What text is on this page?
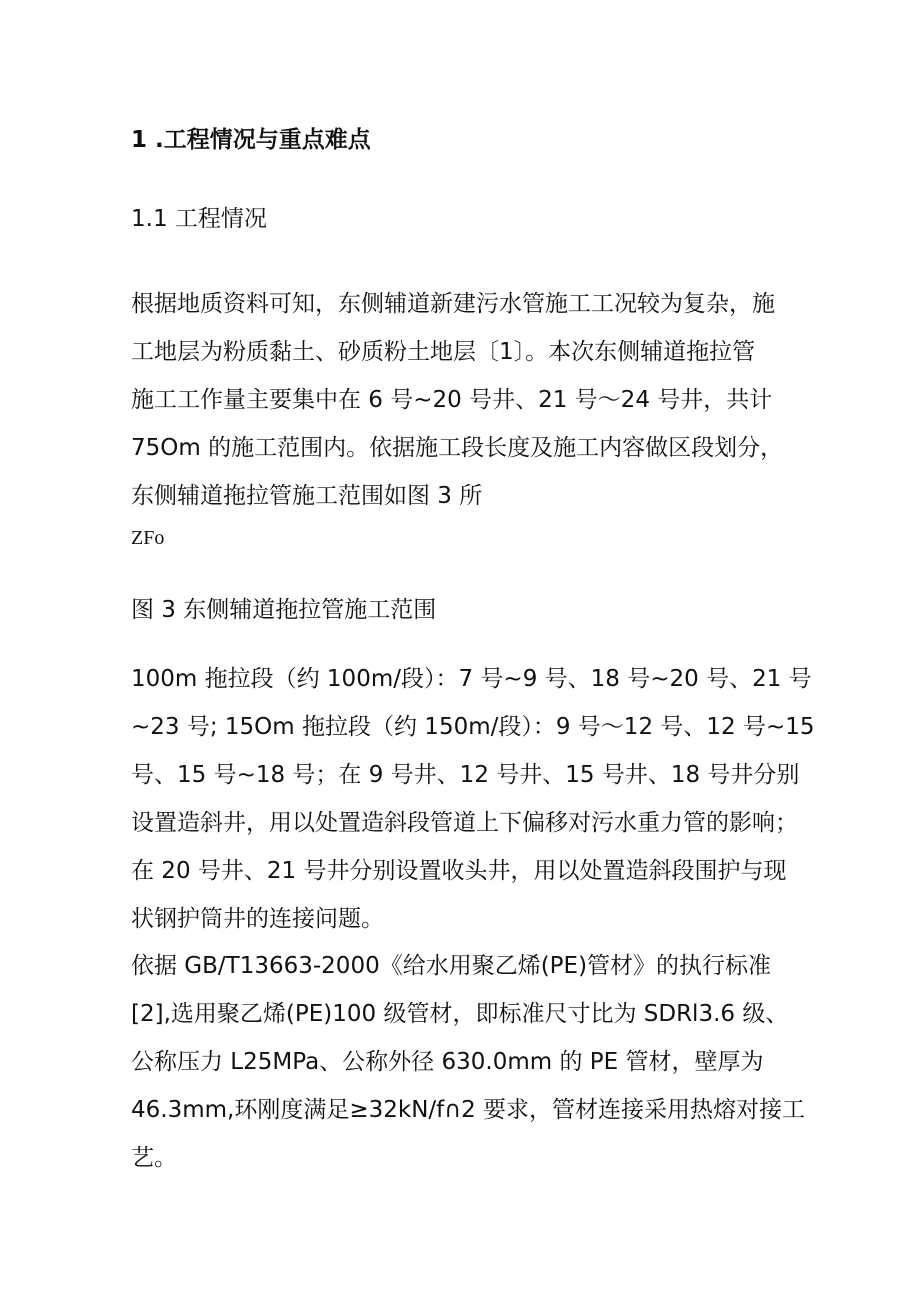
1 .工程情况与重点难点
1.1 工程情况
根据地质资料可知，东侧辅道新建污水管施工工况较为复杂，施
工地层为粉质黏土、砂质粉土地层〔1〕。本次东侧辅道拖拉管
施工工作量主要集中在 6 号~20 号井、21 号〜24 号井，共计
75Om 的施工范围内。依据施工段长度及施工内容做区段划分，
东侧辅道拖拉管施工范围如图 3 所
ZFo
图 3 东侧辅道拖拉管施工范围
100m 拖拉段（约 100m/段）：7 号~9 号、18 号~20 号、21 号
~23 号; 15Om 拖拉段（约 150m/段）：9 号〜12 号、12 号~15
号、15 号~18 号；在 9 号井、12 号井、15 号井、18 号井分别
设置造斜井，用以处置造斜段管道上下偏移对污水重力管的影响；
在 20 号井、21 号井分别设置收头井，用以处置造斜段围护与现
状钢护筒井的连接问题。
依据 GB/T13663-2000《给水用聚乙烯(PE)管材》的执行标准
[2],选用聚乙烯(PE)100 级管材，即标准尺寸比为 SDRl3.6 级、
公称压力 L25MPa、公称外径 630.0mm 的 PE 管材，壁厚为
46.3mm,环刚度满足≥32kN∕f∩2 要求，管材连接采用热熔对接工
艺。
